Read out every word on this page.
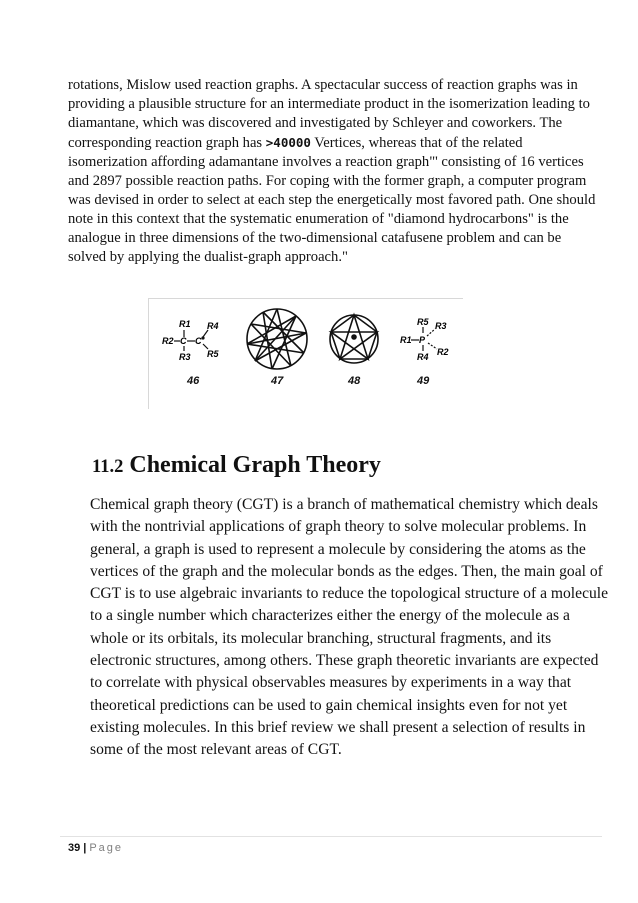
rotations, Mislow used reaction graphs. A spectacular success of reaction graphs was in providing a plausible structure for an intermediate product in the isomerization leading to diamantane, which was discovered and investigated by Schleyer and coworkers. The corresponding reaction graph has >40000 Vertices, whereas that of the related isomerization affording adamantane involves a reaction graph"' consisting of 16 vertices and 2897 possible reaction paths. For coping with the former graph, a computer program was devised in order to select at each step the energetically most favored path. One should note in this context that the systematic enumeration of "diamond hydrocarbons" is the analogue in three dimensions of the two-dimensional catafusene problem and can be solved by applying the dualist-graph approach."

R1
R2 C C
R3
R4
R5
R5 R3
R1 P
R2
R4
46	47	48	49
11.2 Chemical Graph Theory

Chemical graph theory (CGT) is a branch of mathematical chemistry which deals with the nontrivial applications of graph theory to solve molecular problems. In general, a graph is used to represent a molecule by considering the atoms as the vertices of the graph and the molecular bonds as the edges. Then, the main goal of CGT is to use algebraic invariants to reduce the topological structure of a molecule to a single number which characterizes either the energy of the molecule as a whole or its orbitals, its molecular branching, structural fragments, and its electronic structures, among others. These graph theoretic invariants are expected to correlate with physical observables measures by experiments in a way that theoretical predictions can be used to gain chemical insights even for not yet existing molecules. In this brief review we shall present a selection of results in some of the most relevant areas of CGT.

39 | Page
